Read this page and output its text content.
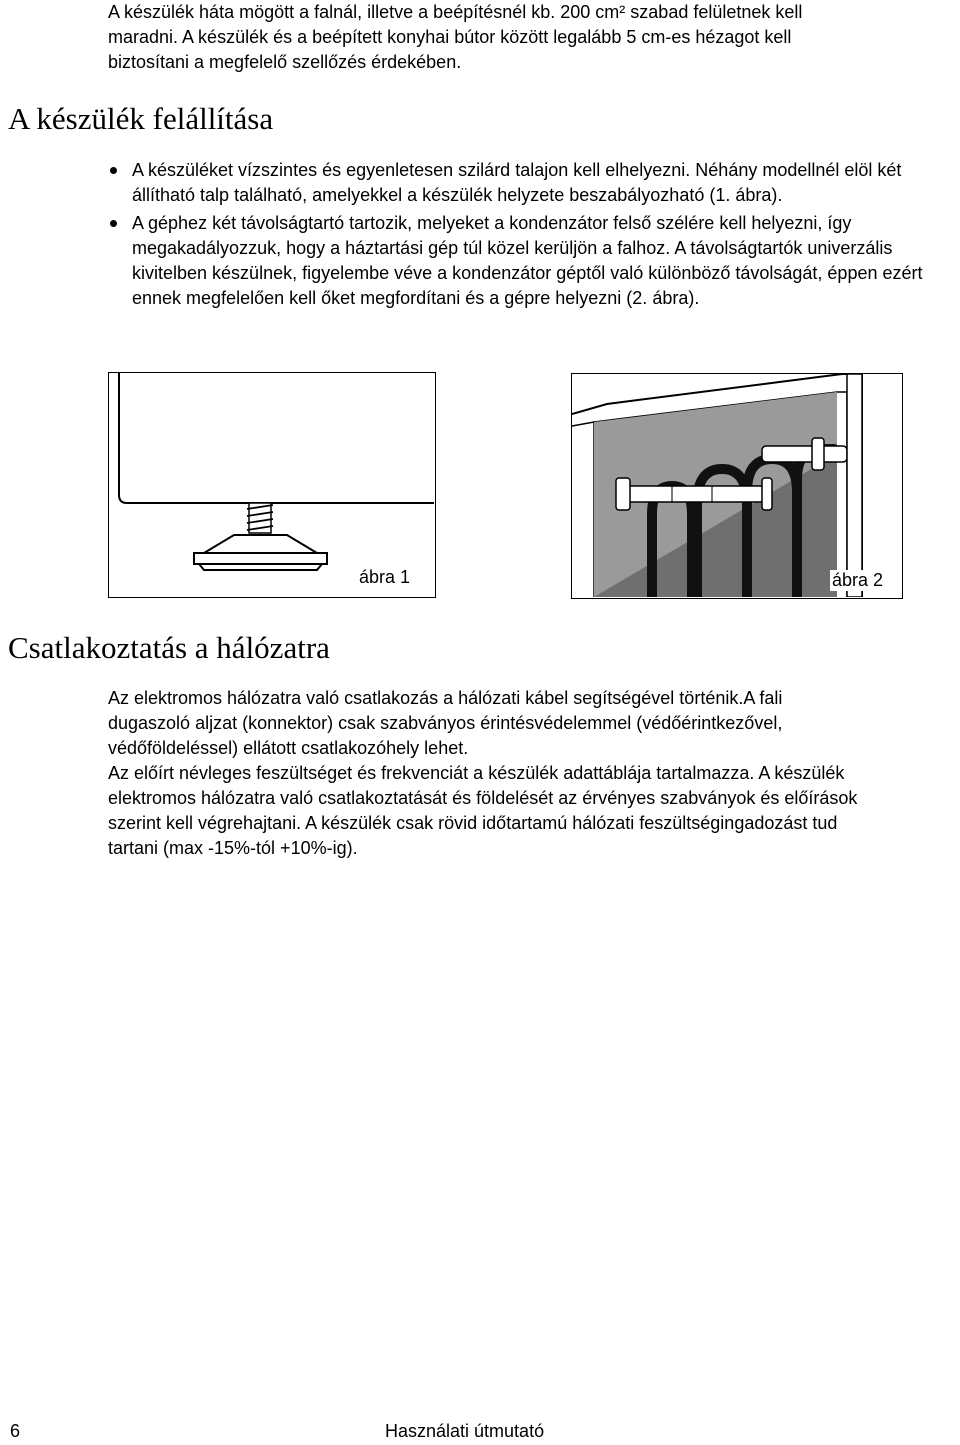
A készülék háta mögött a falnál, illetve a beépítésnél kb. 200 cm² szabad felületnek kell

maradni. A készülék és a beépített konyhai bútor között legalább 5 cm-es hézagot kell

biztosítani a megfelelő szellőzés érdekében.

A készülék felállítása
A készüléket vízszintes és egyenletesen szilárd talajon kell elhelyezni. Néhány modellnél elöl két állítható talp található, amelyekkel a készülék helyzete beszabályozható (1. ábra).
A géphez két távolságtartó tartozik, melyeket a kondenzátor felső szélére kell helyezni, így megakadályozzuk, hogy a háztartási gép túl közel kerüljön a falhoz. A távolságtartók univerzális kivitelben készülnek, figyelembe véve a kondenzátor géptől való különböző távolságát, éppen ezért ennek megfelelően kell őket megfordítani és a gépre helyezni (2. ábra).
ábra 1	ábra 2
Csatlakoztatás a hálózatra

Az elektromos hálózatra való csatlakozás a hálózati kábel segítségével történik.A fali

dugaszoló aljzat (konnektor) csak szabványos érintésvédelemmel (védőérintkezővel,

védőföldeléssel) ellátott csatlakozóhely lehet.

Az előírt névleges feszültséget és frekvenciát a készülék adattáblája tartalmazza. A készülék

elektromos hálózatra való csatlakoztatását és földelését az érvényes szabványok és előírások

szerint kell végrehajtani. A készülék csak rövid időtartamú hálózati feszültségingadozást tud

tartani (max -15%-tól +10%-ig).

6	Használati útmutató
